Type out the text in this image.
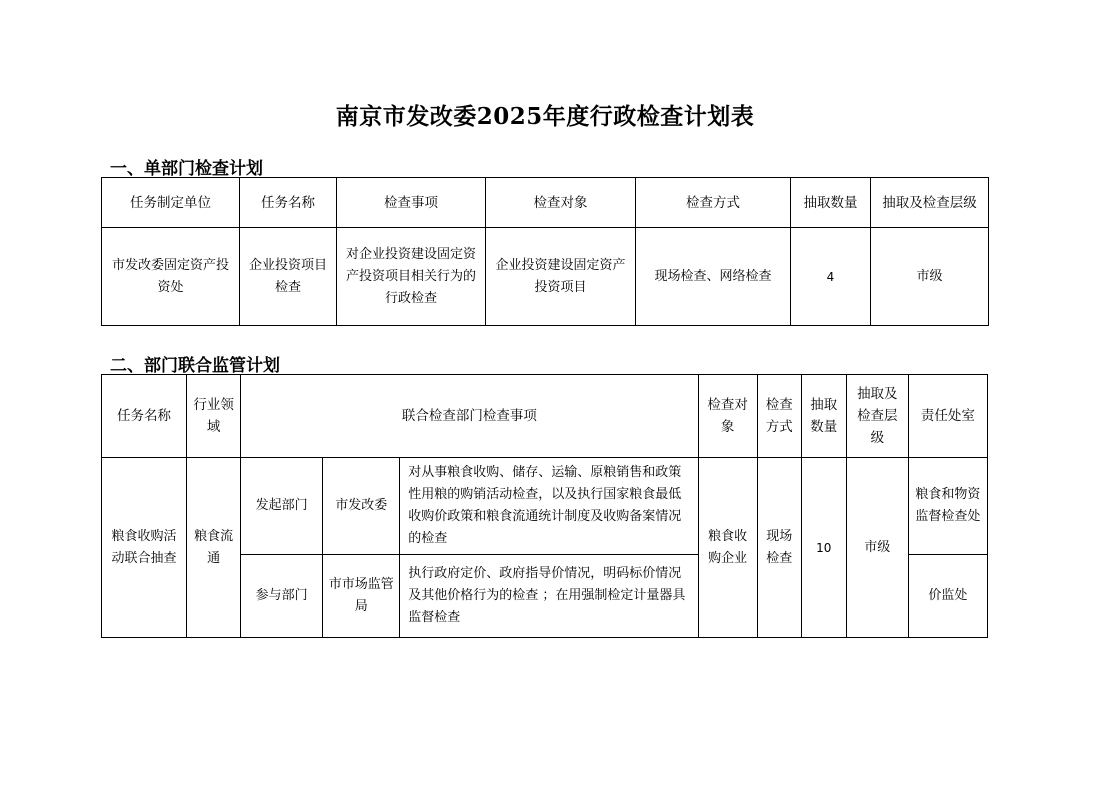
南京市发改委2025年度行政检查计划表
一、单部门检查计划
任务制定单位	任务名称	检查事项	检查对象	检查方式	抽取数量	抽取及检查层级
市发改委固定资产投资处	企业投资项目检查	对企业投资建设固定资产投资项目相关行为的行政检查	企业投资建设固定资产投资项目	现场检查、网络检查	4	市级
二、部门联合监管计划
任务名称	行业领域	联合检查部门检查事项			检查对象	检查方式	抽取数量	抽取及检查层级	责任处室
粮食收购活动联合抽查	粮食流通	发起部门	市发改委	对从事粮食收购、储存、运输、原粮销售和政策性用粮的购销活动检查，以及执行国家粮食最低收购价政策和粮食流通统计制度及收购备案情况的检查	粮食收购企业	现场检查	10	市级	粮食和物资监督检查处
		参与部门	市市场监管局	执行政府定价、政府指导价情况，明码标价情况及其他价格行为的检查 ；在用强制检定计量器具监督检查					价监处
